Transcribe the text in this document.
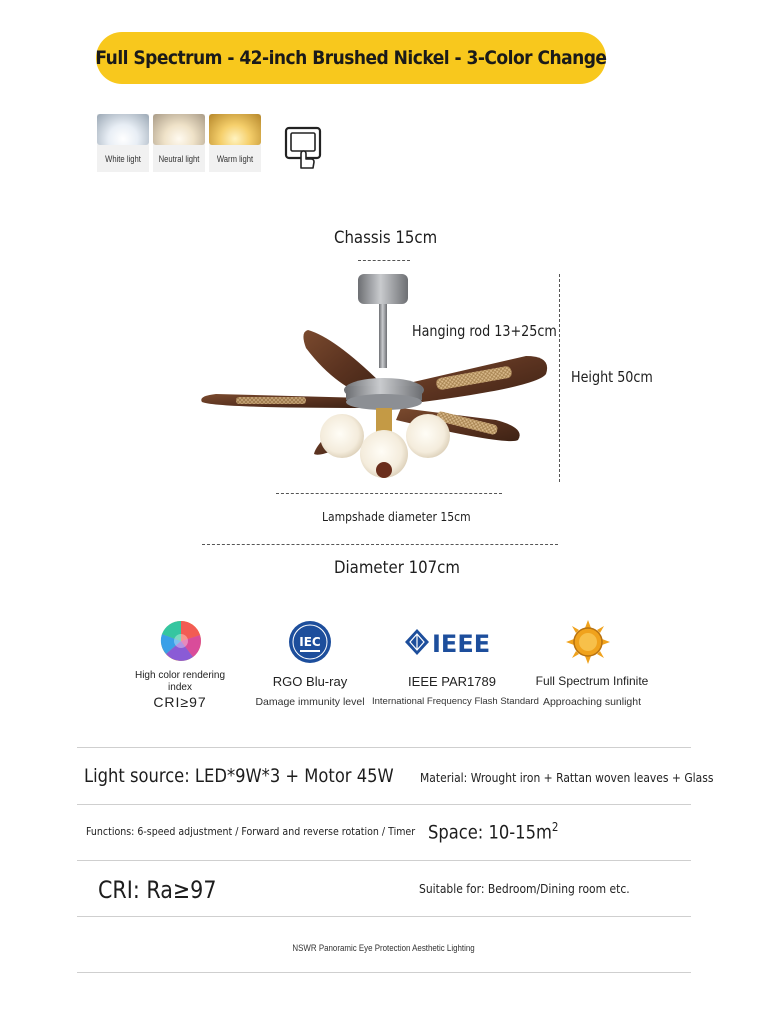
Full Spectrum - 42-inch Brushed Nickel - 3-Color Change
White light	Neutral light	Warm light
Chassis 15cm
Hanging rod 13+25cm
Height 50cm
Lampshade diameter 15cm
Diameter 107cm
High color rendering index
CRI≥97
IEC
RGO Blu-ray
Damage immunity level
IEEE
IEEE PAR1789
International Frequency Flash Standard
Full Spectrum Infinite
Approaching sunlight
Light source: LED*9W*3 + Motor 45W Material: Wrought iron + Rattan woven leaves + Glass
Functions: 6-speed adjustment / Forward and reverse rotation / Timer Space: $10-15m^2$
CRI: Ra≥97	Suitable for: Bedroom/Dining room etc.
NSWR Panoramic Eye Protection Aesthetic Lighting
